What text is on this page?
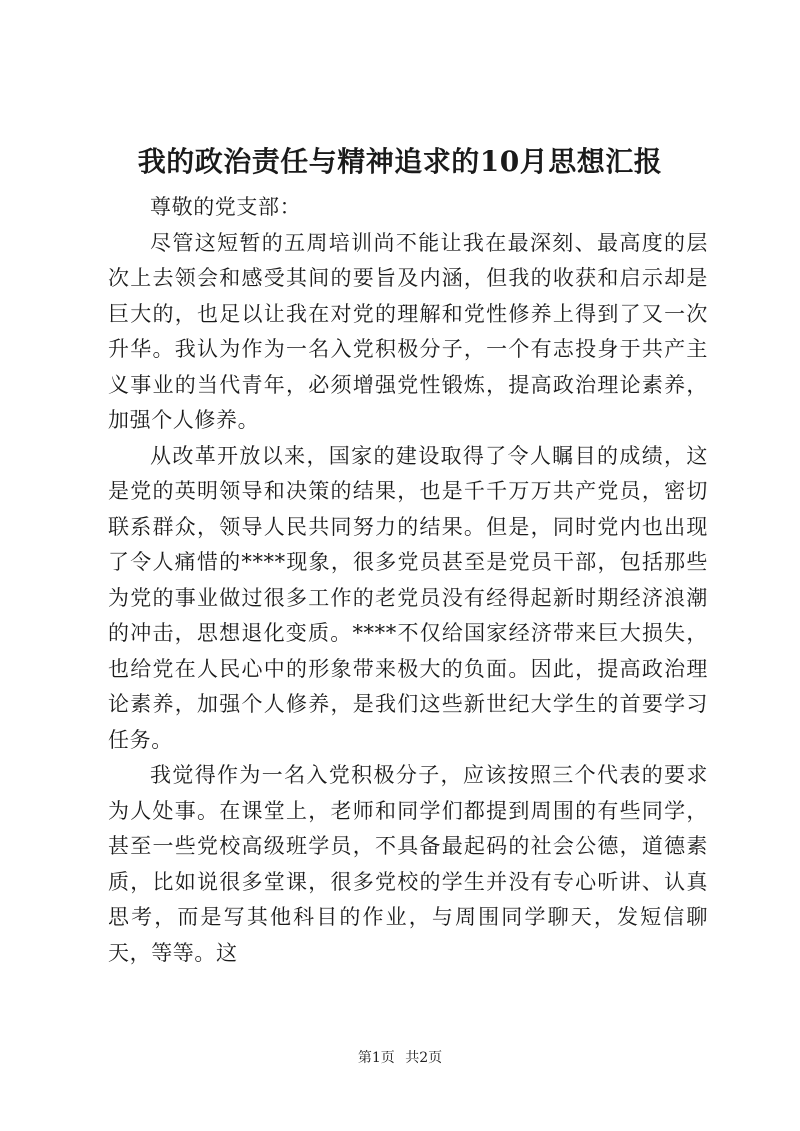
我的政治责任与精神追求的10月思想汇报

尊敬的党支部：

尽管这短暂的五周培训尚不能让我在最深刻、最高度的层次上去领会和感受其间的要旨及内涵，但我的收获和启示却是巨大的，也足以让我在对党的理解和党性修养上得到了又一次升华。我认为作为一名入党积极分子，一个有志投身于共产主义事业的当代青年，必须增强党性锻炼，提高政治理论素养，加强个人修养。

从改革开放以来，国家的建设取得了令人瞩目的成绩，这是党的英明领导和决策的结果，也是千千万万共产党员，密切联系群众，领导人民共同努力的结果。但是，同时党内也出现了令人痛惜的****现象，很多党员甚至是党员干部，包括那些为党的事业做过很多工作的老党员没有经得起新时期经济浪潮的冲击，思想退化变质。****不仅给国家经济带来巨大损失，也给党在人民心中的形象带来极大的负面。因此，提高政治理论素养，加强个人修养，是我们这些新世纪大学生的首要学习任务。

我觉得作为一名入党积极分子，应该按照三个代表的要求为人处事。在课堂上，老师和同学们都提到周围的有些同学，甚至一些党校高级班学员，不具备最起码的社会公德，道德素质，比如说很多堂课，很多党校的学生并没有专心听讲、认真思考，而是写其他科目的作业，与周围同学聊天，发短信聊天，等等。这

第1页 共2页
